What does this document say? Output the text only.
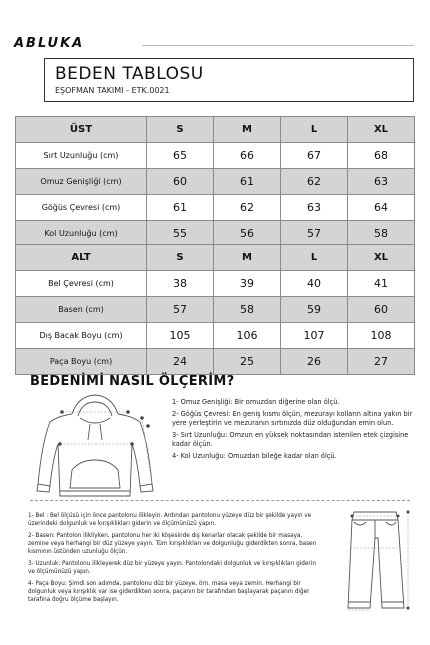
ABLUKA
BEDEN TABLOSU
EŞOFMAN TAKIMI - ETK.0021
ÜST	S	M	L	XL
Sırt Uzunluğu (cm)	65	66	67	68
Omuz Genişliği (cm)	60	61	62	63
Göğüs Çevresi (cm)	61	62	63	64
Kol Uzunluğu (cm)	55	56	57	58
ALT	S	M	L	XL
Bel Çevresi (cm)	38	39	40	41
Basen (cm)	57	58	59	60
Dış Bacak Boyu (cm)	105	106	107	108
Paça Boyu (cm)	24	25	26	27
BEDENİMİ NASIL ÖLÇERİM?

1- Omuz Genişliği: Bir omuzdan diğerine olan ölçü.

2- Göğüs Çevresi: En geniş kısmı ölçün, mezurayı kolların altına yakın bir yere yerleştirin ve mezuranın sırtınızda düz olduğundan emin olun.

3- Sırt Uzunluğu: Omzun en yüksek noktasından istenilen etek çizgisine kadar ölçün.

4- Kol Uzunluğu: Omuzdan bileğe kadar olan ölçü.

1- Bel : Bel ölçüsü için önce pantolonu ilikleyin. Ardından pantolonu yüzeye düz bir şekilde yayın ve üzerindeki dolgunluk ve kırışıklıkları giderin ve ölçümünüzü yapın.

2- Basen: Pantolon ilikliyken, pantolonu her iki köşesinde dış kenarlar olacak şekilde bir masaya, zemine veya herhangi bir düz yüzeye yayın. Tüm kırışıklıkları ve dolgunluğu giderdikten sonra, basen kısmının üstünden uzunluğu ölçün.

3- Uzunluk: Pantolonu ilikleyerek düz bir yüzeye yayın. Pantolondaki dolgunluk ve kırışıklıkları giderin ve ölçümünüzü yapın.

4- Paça Boyu: Şimdi son adımda, pantolonu düz bir yüzeye, örn. masa veya zemin. Herhangi bir dolgunluk veya kırışıklık var ise giderdikten sonra, paçanın bir tarafından başlayarak paçanın diğer tarafına doğru ölçüme başlayın.
